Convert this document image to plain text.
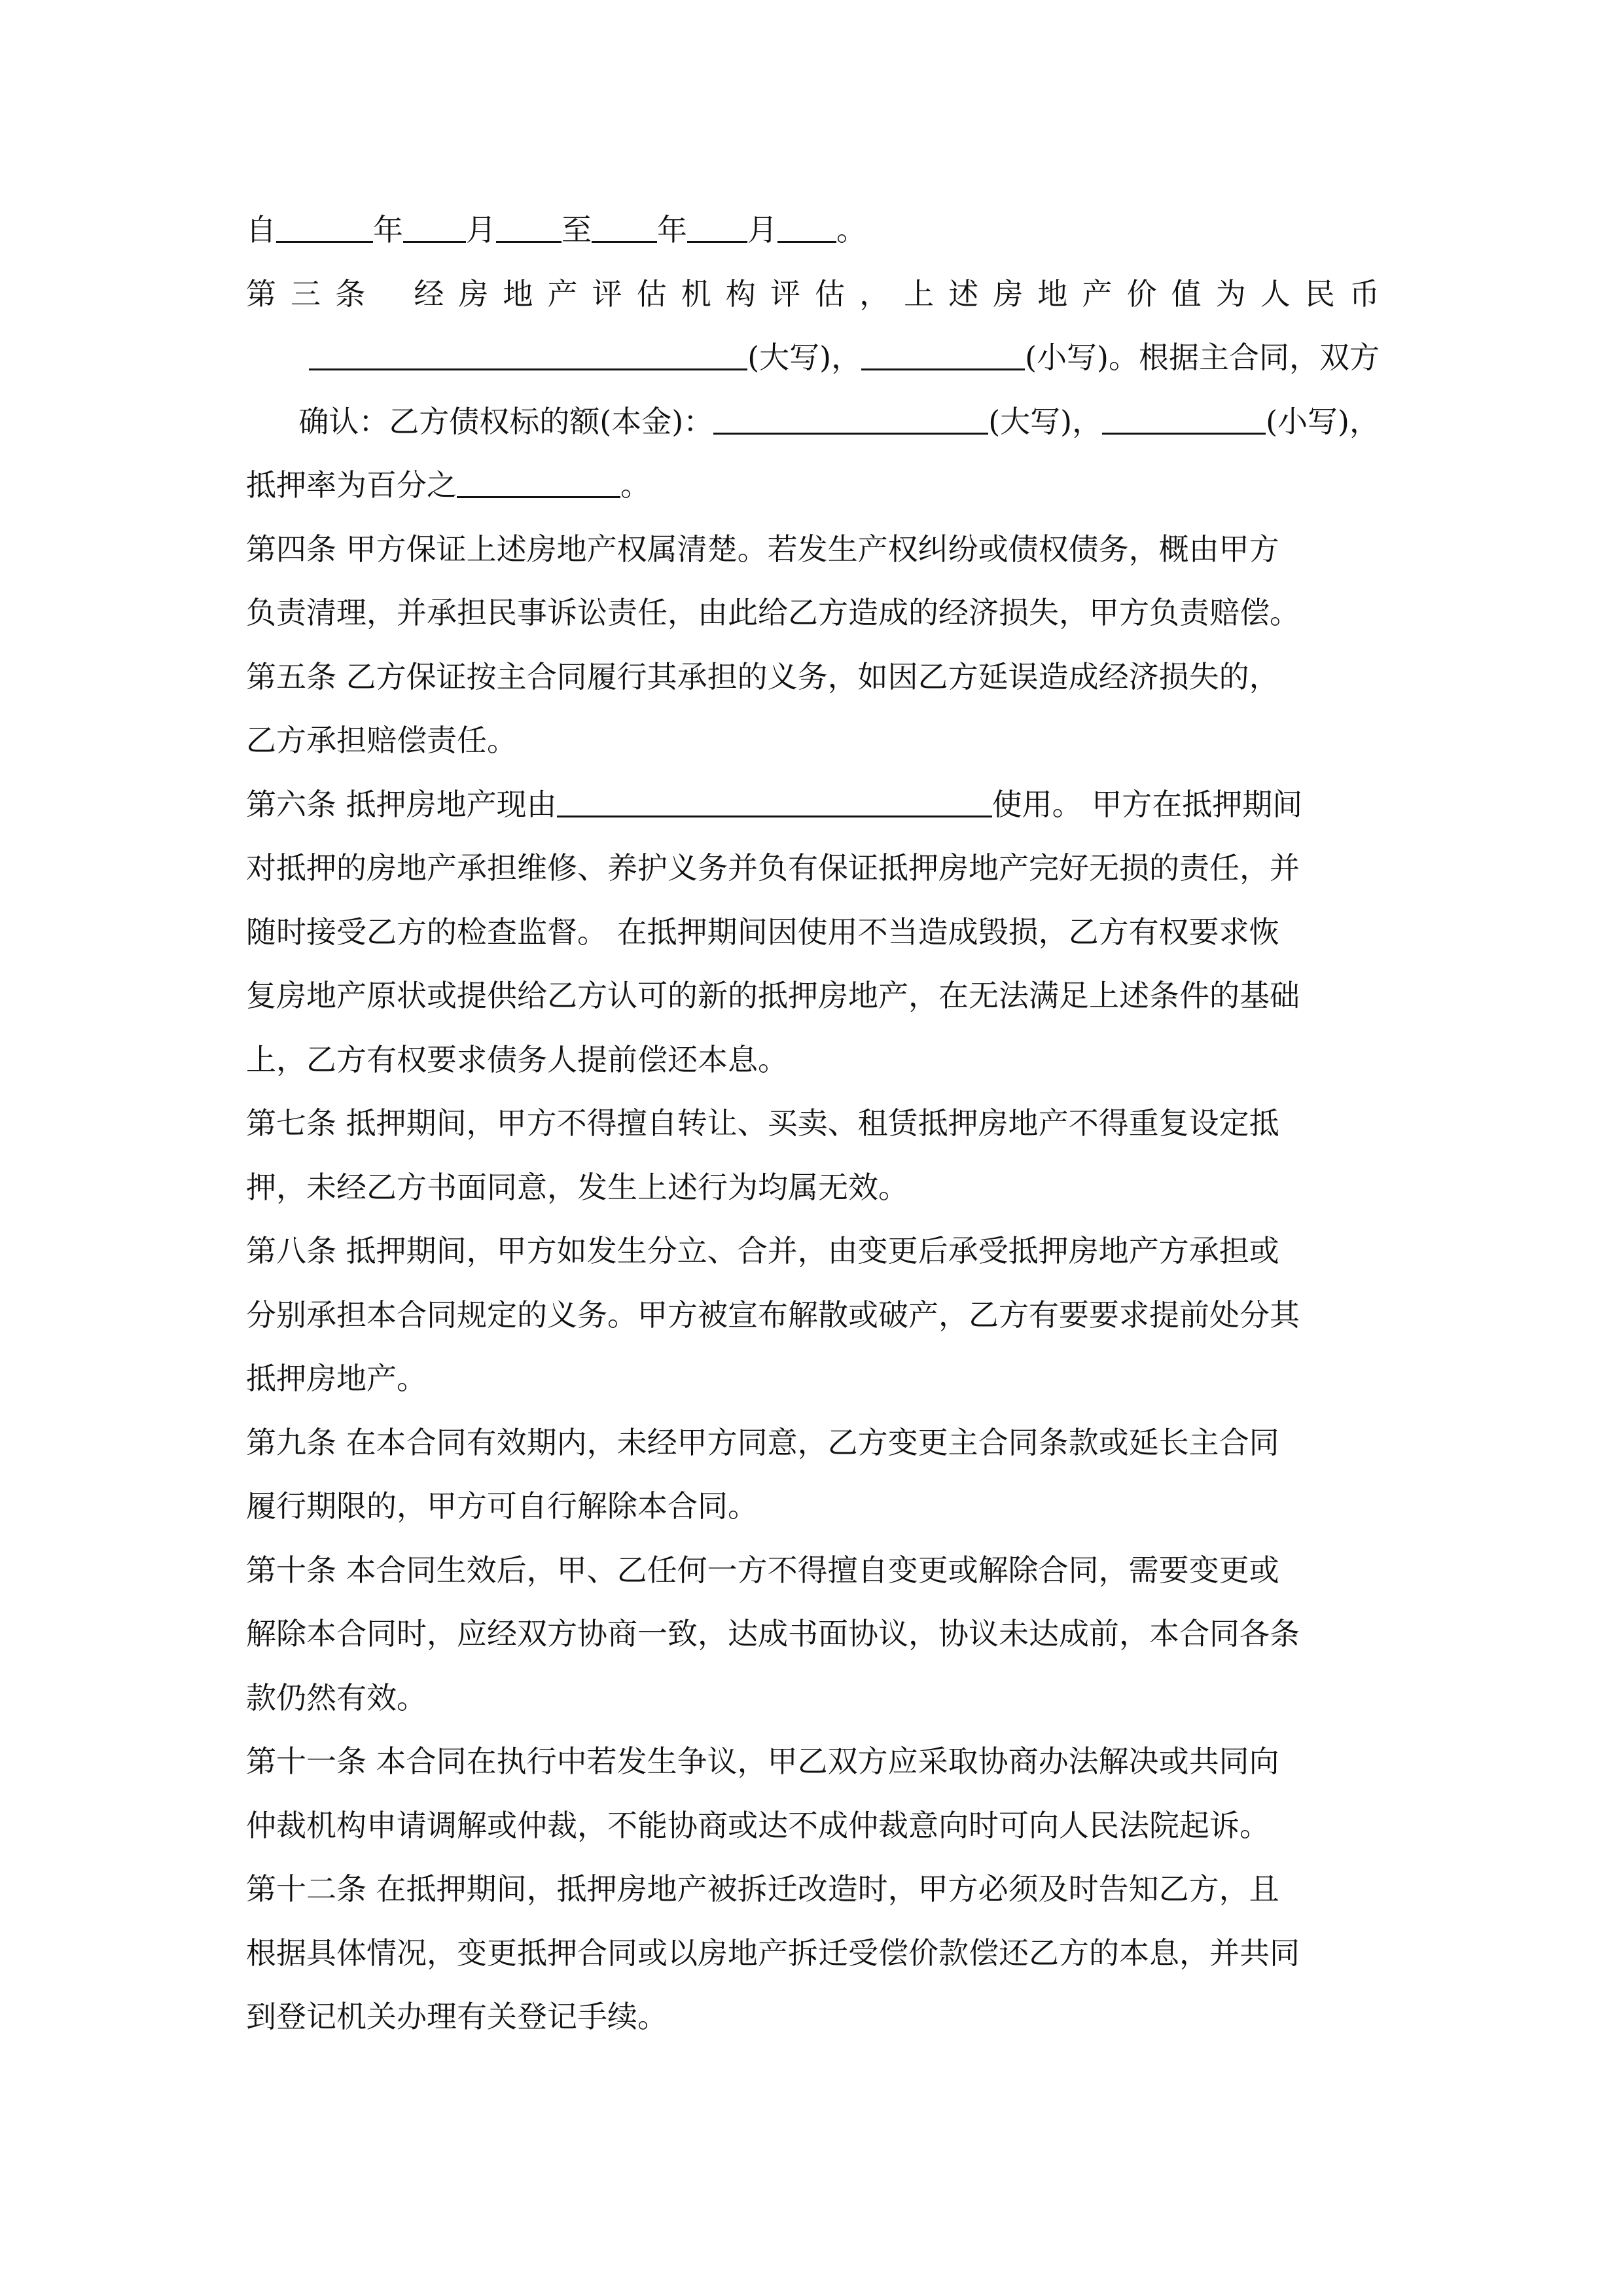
自	年 月 至 年 月 。
第 三 条 经 房 地 产 评 估 机 构 评 估 ， 上 述 房 地 产 价 值 为 人 民 币
(大写)，	(小写)。根据主合同，双方
确认：乙方债权标的额(本金)：	(大写)，	(小写)，
抵押率为百分之	。
第四条 甲方保证上述房地产权属清楚。若发生产权纠纷或债权债务，概由甲方
负责清理，并承担民事诉讼责任，由此给乙方造成的经济损失，甲方负责赔偿。
第五条 乙方保证按主合同履行其承担的义务，如因乙方延误造成经济损失的，
乙方承担赔偿责任。
第六条 抵押房地产现由	使用。 甲方在抵押期间
对抵押的房地产承担维修、养护义务并负有保证抵押房地产完好无损的责任，并
随时接受乙方的检查监督。 在抵押期间因使用不当造成毁损，乙方有权要求恢
复房地产原状或提供给乙方认可的新的抵押房地产，在无法满足上述条件的基础
上，乙方有权要求债务人提前偿还本息。
第七条 抵押期间，甲方不得擅自转让、买卖、租赁抵押房地产不得重复设定抵
押，未经乙方书面同意，发生上述行为均属无效。
第八条 抵押期间，甲方如发生分立、合并，由变更后承受抵押房地产方承担或
分别承担本合同规定的义务。甲方被宣布解散或破产，乙方有要要求提前处分其
抵押房地产。
第九条 在本合同有效期内，未经甲方同意，乙方变更主合同条款或延长主合同
履行期限的，甲方可自行解除本合同。
第十条 本合同生效后，甲、乙任何一方不得擅自变更或解除合同，需要变更或
解除本合同时，应经双方协商一致，达成书面协议，协议未达成前，本合同各条
款仍然有效。
第十一条 本合同在执行中若发生争议，甲乙双方应采取协商办法解决或共同向
仲裁机构申请调解或仲裁，不能协商或达不成仲裁意向时可向人民法院起诉。
第十二条 在抵押期间，抵押房地产被拆迁改造时，甲方必须及时告知乙方，且
根据具体情况，变更抵押合同或以房地产拆迁受偿价款偿还乙方的本息，并共同
到登记机关办理有关登记手续。
